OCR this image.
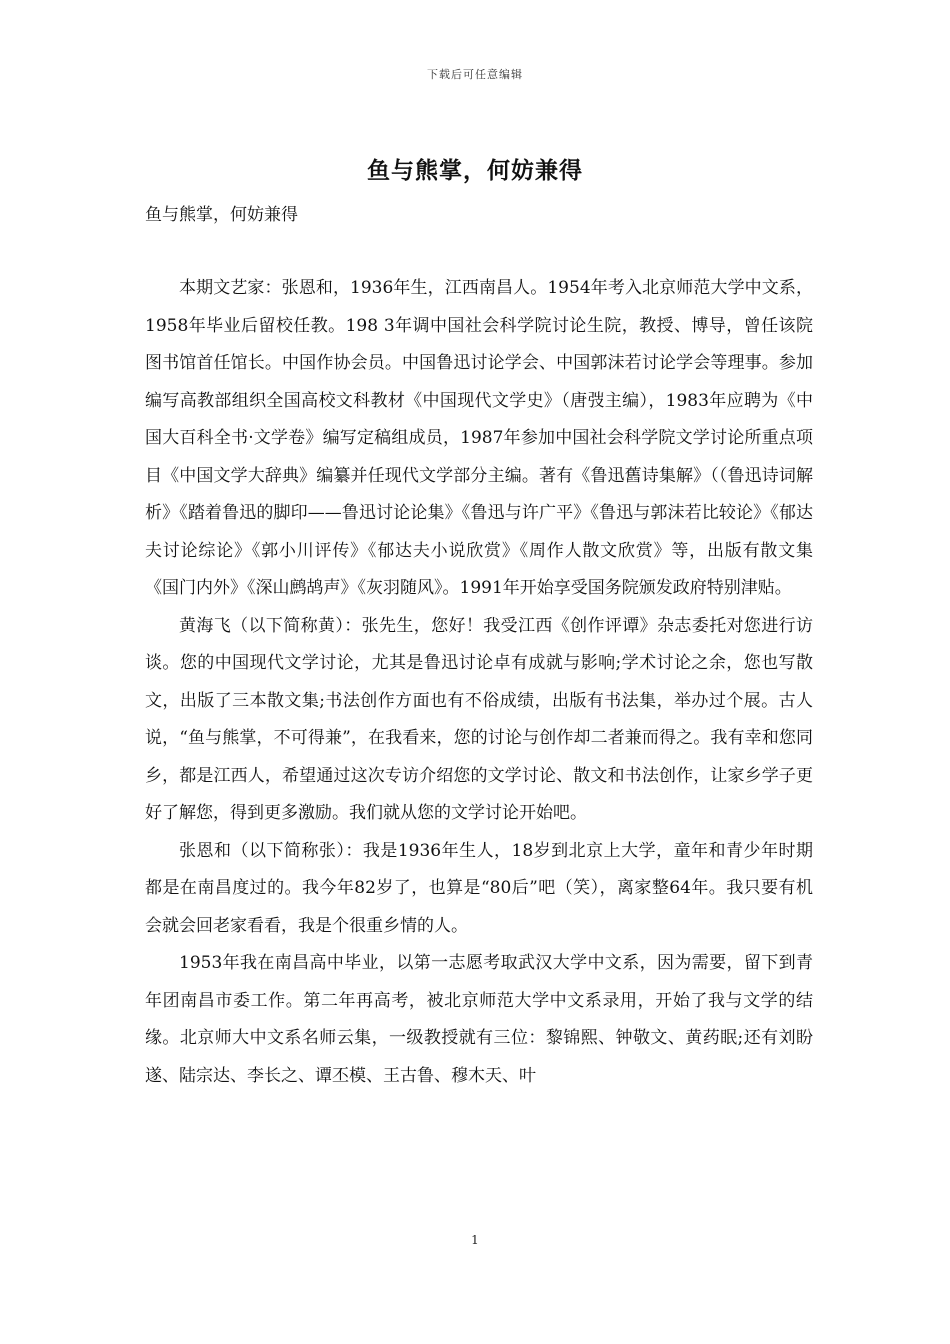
下载后可任意编辑
鱼与熊掌，何妨兼得

鱼与熊掌，何妨兼得

本期文艺家：张恩和，1936年生，江西南昌人。1954年考入北京师范大学中文系，1958年毕业后留校任教。198 3年调中国社会科学院讨论生院，教授、博导，曾任该院图书馆首任馆长。中国作协会员。中国鲁迅讨论学会、中国郭沫若讨论学会等理事。参加编写高教部组织全国高校文科教材《中国现代文学史》（唐弢主编），1983年应聘为《中国大百科全书·文学卷》编写定稿组成员，1987年参加中国社会科学院文学讨论所重点项目《中国文学大辞典》编纂并任现代文学部分主编。著有《鲁迅舊诗集解》（（鲁迅诗词解析》《踏着鲁迅的脚印——鲁迅讨论论集》《鲁迅与许广平》《鲁迅与郭沫若比较论》《郁达夫讨论综论》《郭小川评传》《郁达夫小说欣赏》《周作人散文欣赏》等，出版有散文集《国门内外》《深山鹧鸪声》《灰羽随风》。1991年开始享受国务院颁发政府特别津贴。

黄海飞（以下简称黄）：张先生，您好！我受江西《创作评谭》杂志委托对您进行访谈。您的中国现代文学讨论，尤其是鲁迅讨论卓有成就与影响;学术讨论之余，您也写散文，出版了三本散文集;书法创作方面也有不俗成绩，出版有书法集，举办过个展。古人说，“鱼与熊掌，不可得兼”，在我看来，您的讨论与创作却二者兼而得之。我有幸和您同乡，都是江西人，希望通过这次专访介绍您的文学讨论、散文和书法创作，让家乡学子更好了解您，得到更多激励。我们就从您的文学讨论开始吧。

张恩和（以下简称张）：我是1936年生人，18岁到北京上大学，童年和青少年时期都是在南昌度过的。我今年82岁了，也算是“80后”吧（笑），离家整64年。我只要有机会就会回老家看看，我是个很重乡情的人。

1953年我在南昌高中毕业，以第一志愿考取武汉大学中文系，因为需要，留下到青年团南昌市委工作。第二年再高考，被北京师范大学中文系录用，开始了我与文学的结缘。北京师大中文系名师云集，一级教授就有三位：黎锦熙、钟敬文、黄药眠;还有刘盼遂、陆宗达、李长之、谭丕模、王古鲁、穆木天、叶

1
